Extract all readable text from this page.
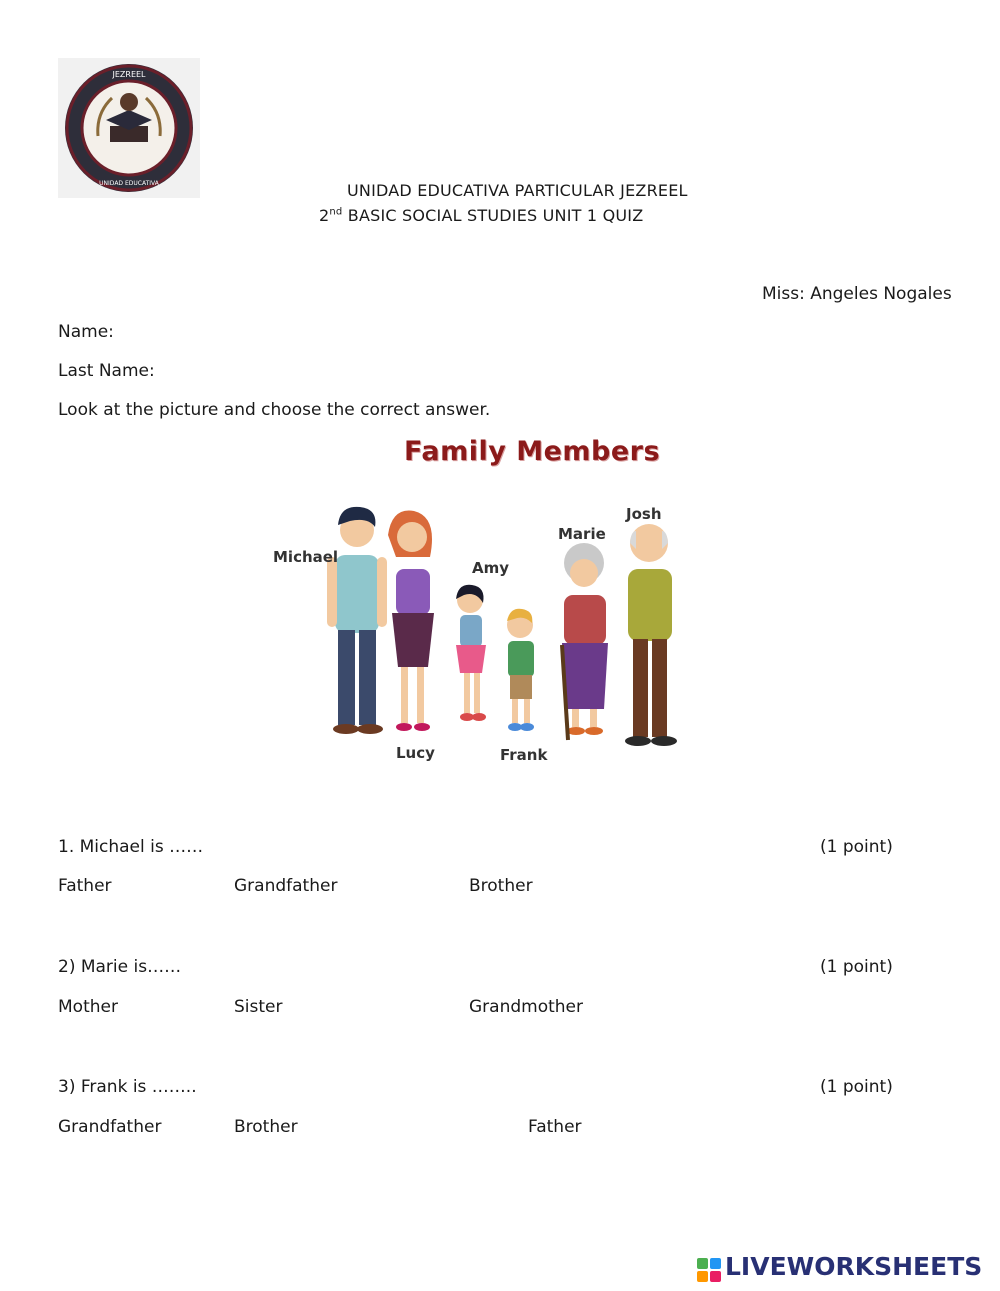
JEZREEL
UNIDAD EDUCATIVA	UNIDAD EDUCATIVA PARTICULAR JEZREEL
2nd BASIC SOCIAL STUDIES UNIT 1 QUIZ
Miss: Angeles Nogales
Name:
Last Name:
Look at the picture and choose the correct answer.
Family Members
Michael
Lucy
Amy
Frank
Marie
Josh
1. Michael is ……	(1 point)
Father	Grandfather	Brother
2) Marie is……	(1 point)
Mother	Sister	Grandmother
3) Frank is ……..	(1 point)
Grandfather	Brother	Father
LIVEWORKSHEETS
